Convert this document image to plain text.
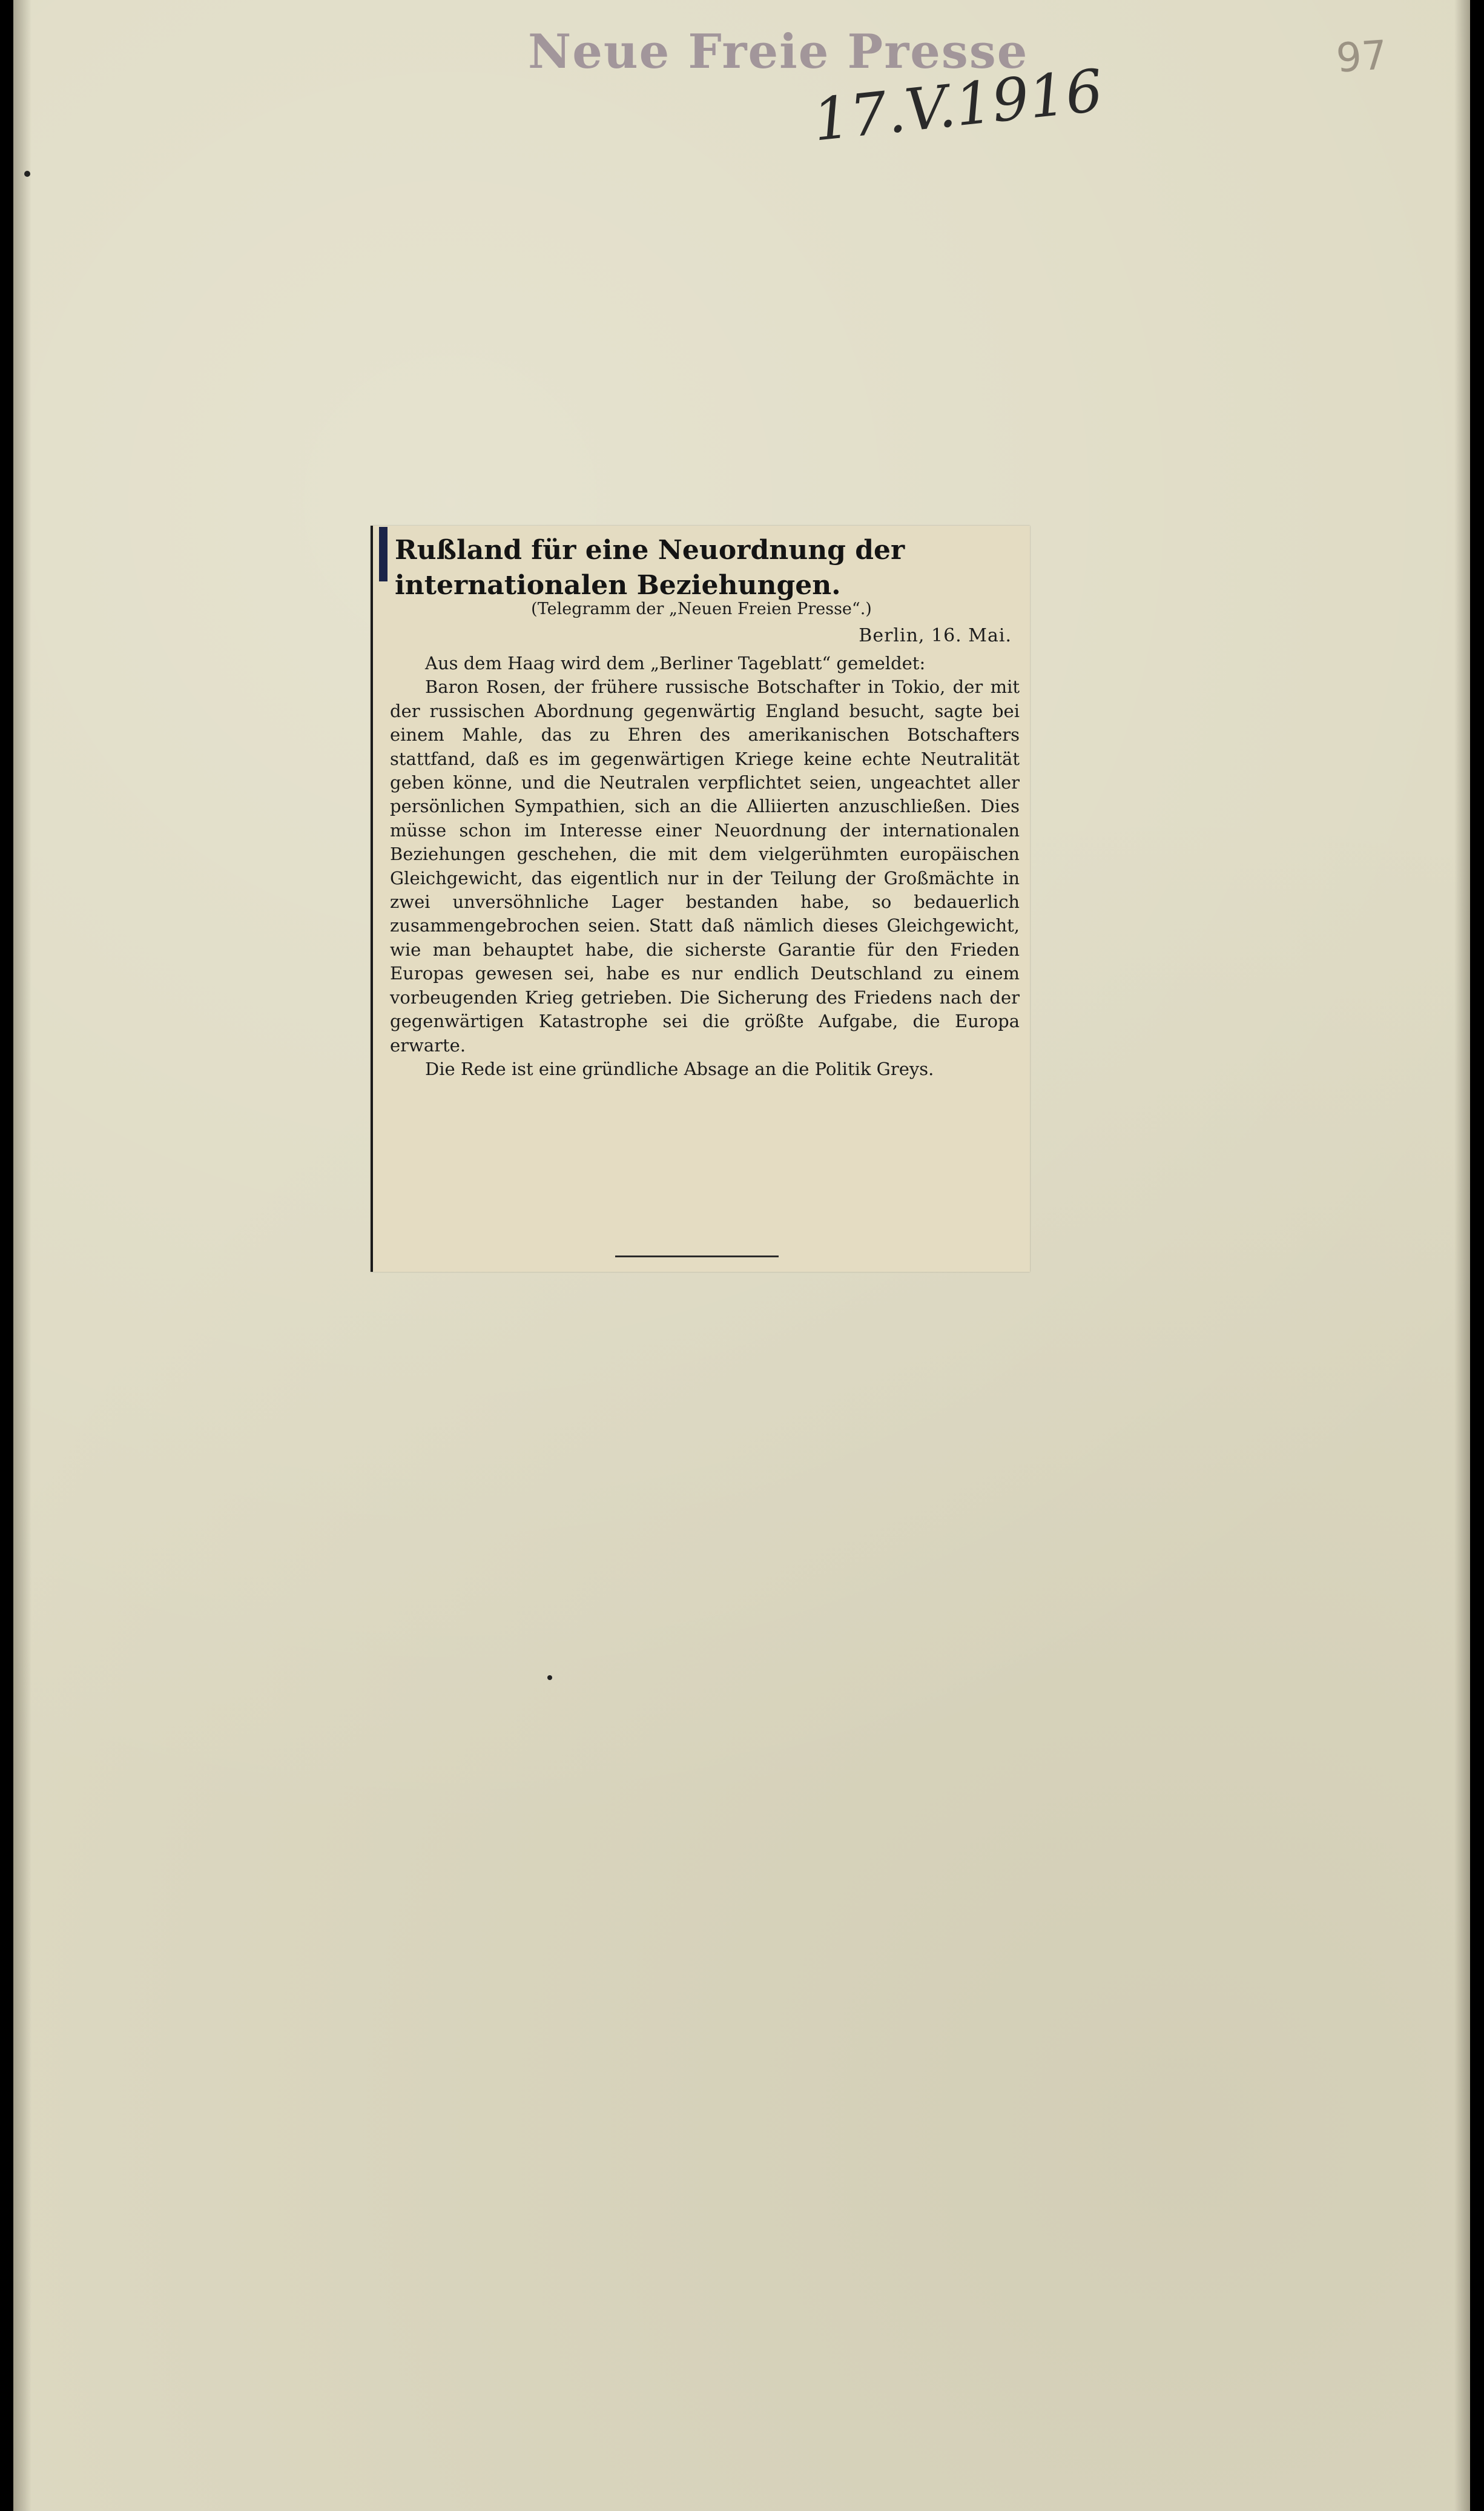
Neue Freie Presse
17.V.1916	97
Rußland für eine Neuordnung der internationalen Beziehungen.
(Telegramm der „Neuen Freien Presse“.)
Berlin, 16. Mai.

Aus dem Haag wird dem „Berliner Tageblatt“ gemeldet:

Baron Rosen, der frühere russische Botschafter in Tokio, der mit der russischen Abordnung gegenwärtig England besucht, sagte bei einem Mahle, das zu Ehren des amerikanischen Botschafters stattfand, daß es im gegenwärtigen Kriege keine echte Neutralität geben könne, und die Neutralen verpflichtet seien, ungeachtet aller persönlichen Sympathien, sich an die Alliierten anzuschließen. Dies müsse schon im Interesse einer Neuordnung der internationalen Beziehungen geschehen, die mit dem vielgerühmten europäischen Gleichgewicht, das eigentlich nur in der Teilung der Großmächte in zwei unversöhnliche Lager bestanden habe, so bedauerlich zusammengebrochen seien. Statt daß nämlich dieses Gleichgewicht, wie man behauptet habe, die sicherste Garantie für den Frieden Europas gewesen sei, habe es nur endlich Deutschland zu einem vorbeugenden Krieg getrieben. Die Sicherung des Friedens nach der gegenwärtigen Katastrophe sei die größte Aufgabe, die Europa erwarte.

Die Rede ist eine gründliche Absage an die Politik Greys.
